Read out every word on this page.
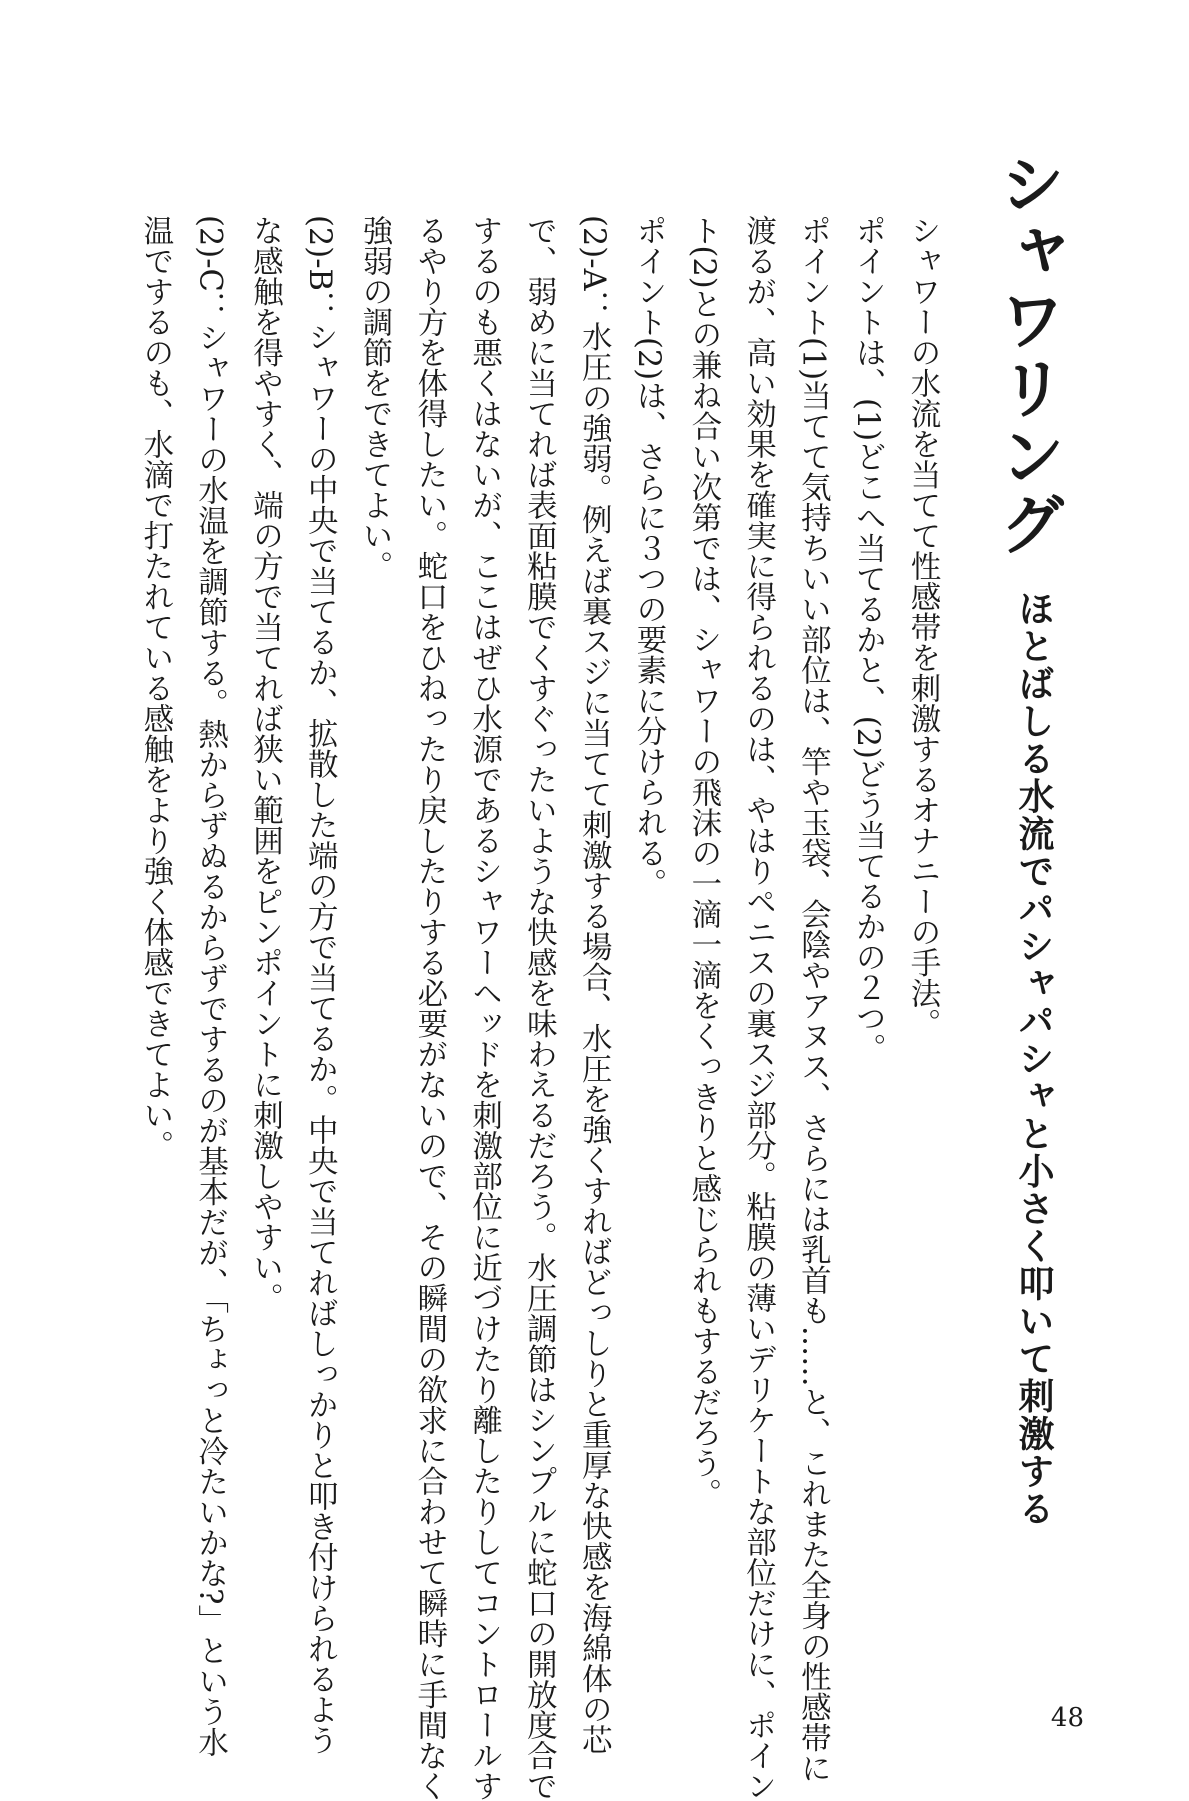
シャワリング
ほとばしる水流でパシャパシャと小さく叩いて刺激する

シャワーの水流を当てて性感帯を刺激するオナニーの手法。

ポイントは、(1)どこへ当てるかと、(2)どう当てるかの２つ。

ポイント(1)当てて気持ちいい部位は、竿や玉袋、会陰やアヌス、さらには乳首も……と、これまた全身の性感帯に

渡るが、高い効果を確実に得られるのは、やはりペニスの裏スジ部分。粘膜の薄いデリケートな部位だけに、ポイン

ト(2)との兼ね合い次第では、シャワーの飛沫の一滴一滴をくっきりと感じられもするだろう。

ポイント(2)は、さらに３つの要素に分けられる。

(2)-A：水圧の強弱。例えば裏スジに当てて刺激する場合、水圧を強くすればどっしりと重厚な快感を海綿体の芯

で、弱めに当てれば表面粘膜でくすぐったいような快感を味わえるだろう。水圧調節はシンプルに蛇口の開放度合で

するのも悪くはないが、ここはぜひ水源であるシャワーヘッドを刺激部位に近づけたり離したりしてコントロールす

るやり方を体得したい。蛇口をひねったり戻したりする必要がないので、その瞬間の欲求に合わせて瞬時に手間なく

強弱の調節をできてよい。

(2)-B：シャワーの中央で当てるか、拡散した端の方で当てるか。中央で当てればしっかりと叩き付けられるよう

な感触を得やすく、端の方で当てれば狭い範囲をピンポイントに刺激しやすい。

(2)-C：シャワーの水温を調節する。熱からずぬるからずでするのが基本だが、「ちょっと冷たいかな?」という水

温でするのも、水滴で打たれている感触をより強く体感できてよい。

48
